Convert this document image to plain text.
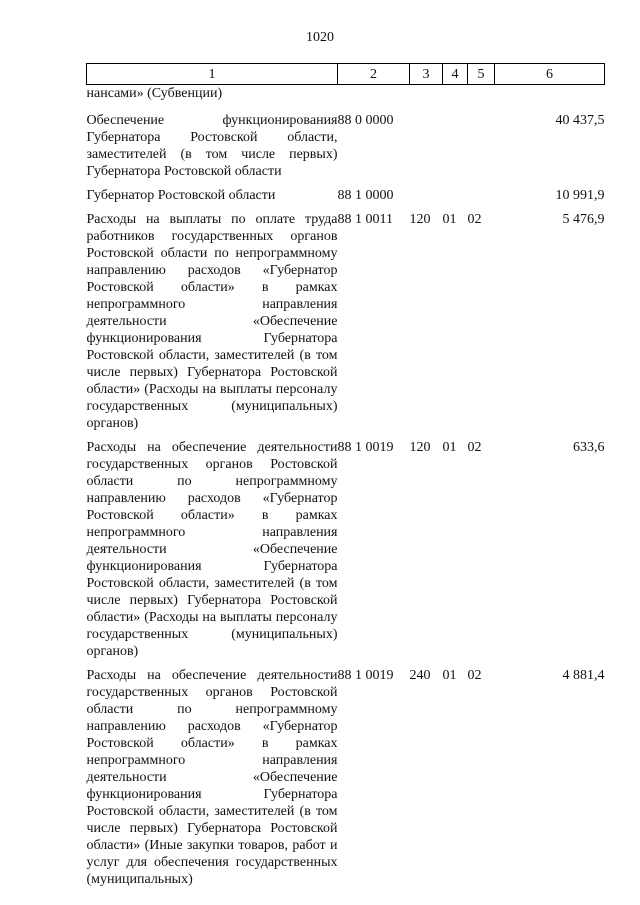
1020
1	2	3	4	5	6
нансами» (Субвенции)					
Обеспечение функционирования Губернатора Ростовской области, заместителей (в том числе первых) Губернатора Ростовской области	88 0 0000				40 437,5
Губернатор Ростовской области	88 1 0000				10 991,9
Расходы на выплаты по оплате труда работников государственных органов Ростовской области по непрограммному направлению расходов «Губернатор Ростовской области» в рамках непрограммного направления деятельности «Обеспечение функционирования Губернатора Ростовской области, заместителей (в том числе первых) Губернатора Ростовской области» (Расходы на выплаты персоналу государственных (муниципальных) органов)	88 1 0011	120	01	02	5 476,9
Расходы на обеспечение деятельности государственных органов Ростовской области по непрограммному направлению расходов «Губернатор Ростовской области» в рамках непрограммного направления деятельности «Обеспечение функционирования Губернатора Ростовской области, заместителей (в том числе первых) Губернатора Ростовской области» (Расходы на выплаты персоналу государственных (муниципальных) органов)	88 1 0019	120	01	02	633,6
Расходы на обеспечение деятельности государственных органов Ростовской области по непрограммному направлению расходов «Губернатор Ростовской области» в рамках непрограммного направления деятельности «Обеспечение функционирования Губернатора Ростовской области, заместителей (в том числе первых) Губернатора Ростовской области» (Иные закупки товаров, работ и услуг для обеспечения государственных (муниципальных)	88 1 0019	240	01	02	4 881,4
